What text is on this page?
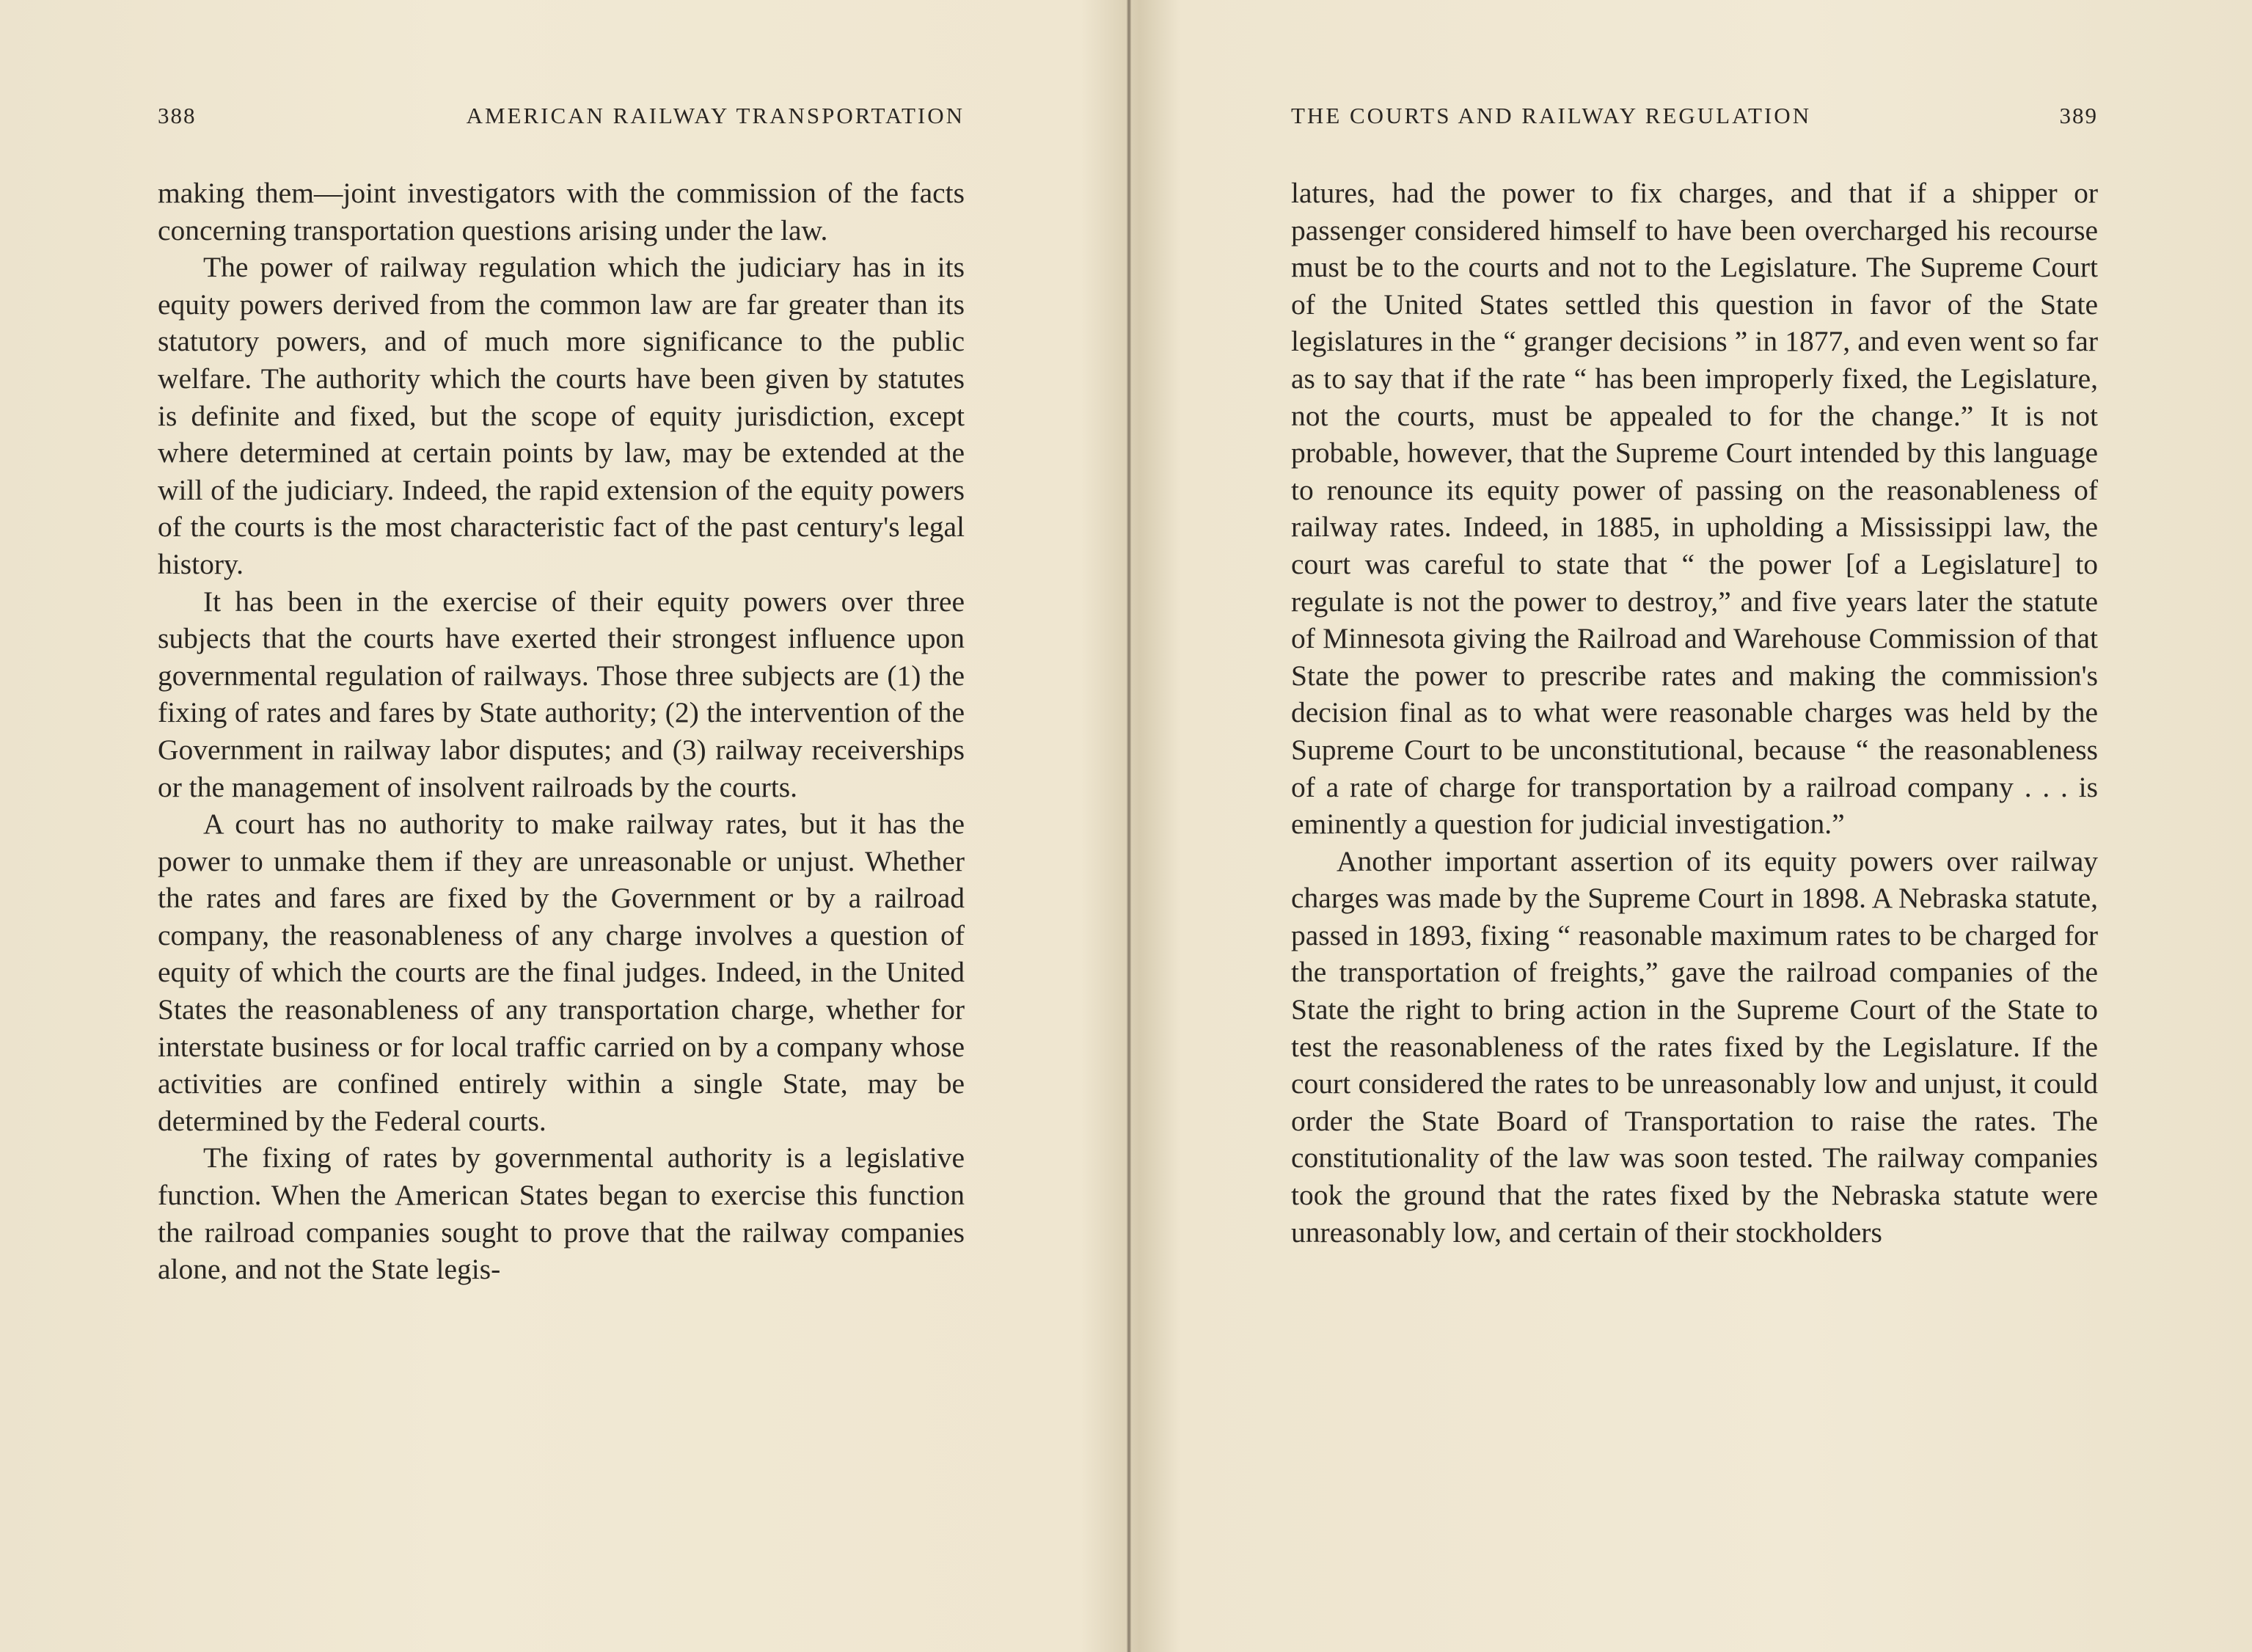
388	AMERICAN RAILWAY TRANSPORTATION

making them—joint investigators with the commission of the facts concerning transportation questions arising under the law.

The power of railway regulation which the judiciary has in its equity powers derived from the common law are far greater than its statutory powers, and of much more significance to the public welfare. The authority which the courts have been given by statutes is definite and fixed, but the scope of equity jurisdiction, except where determined at certain points by law, may be extended at the will of the judiciary. Indeed, the rapid extension of the equity powers of the courts is the most characteristic fact of the past century's legal history.

It has been in the exercise of their equity powers over three subjects that the courts have exerted their strongest influence upon governmental regulation of railways. Those three subjects are (1) the fixing of rates and fares by State authority; (2) the intervention of the Government in railway labor disputes; and (3) railway receiverships or the management of insolvent railroads by the courts.

A court has no authority to make railway rates, but it has the power to unmake them if they are unreasonable or unjust. Whether the rates and fares are fixed by the Government or by a railroad company, the reasonableness of any charge involves a question of equity of which the courts are the final judges. Indeed, in the United States the reasonableness of any transportation charge, whether for interstate business or for local traffic carried on by a company whose activities are confined entirely within a single State, may be determined by the Federal courts.

The fixing of rates by governmental authority is a legislative function. When the American States began to exercise this function the railroad companies sought to prove that the railway companies alone, and not the State legis-

THE COURTS AND RAILWAY REGULATION	389

latures, had the power to fix charges, and that if a shipper or passenger considered himself to have been overcharged his recourse must be to the courts and not to the Legislature. The Supreme Court of the United States settled this question in favor of the State legislatures in the “ granger decisions ” in 1877, and even went so far as to say that if the rate “ has been improperly fixed, the Legislature, not the courts, must be appealed to for the change.” It is not probable, however, that the Supreme Court intended by this language to renounce its equity power of passing on the reasonableness of railway rates. Indeed, in 1885, in upholding a Mississippi law, the court was careful to state that “ the power [of a Legislature] to regulate is not the power to destroy,” and five years later the statute of Minnesota giving the Railroad and Warehouse Commission of that State the power to prescribe rates and making the commission's decision final as to what were reasonable charges was held by the Supreme Court to be unconstitutional, because “ the reasonableness of a rate of charge for transportation by a railroad company . . . is eminently a question for judicial investigation.”

Another important assertion of its equity powers over railway charges was made by the Supreme Court in 1898. A Nebraska statute, passed in 1893, fixing “ reasonable maximum rates to be charged for the transportation of freights,” gave the railroad companies of the State the right to bring action in the Supreme Court of the State to test the reasonableness of the rates fixed by the Legislature. If the court considered the rates to be unreasonably low and unjust, it could order the State Board of Transportation to raise the rates. The constitutionality of the law was soon tested. The railway companies took the ground that the rates fixed by the Nebraska statute were unreasonably low, and certain of their stockholders
